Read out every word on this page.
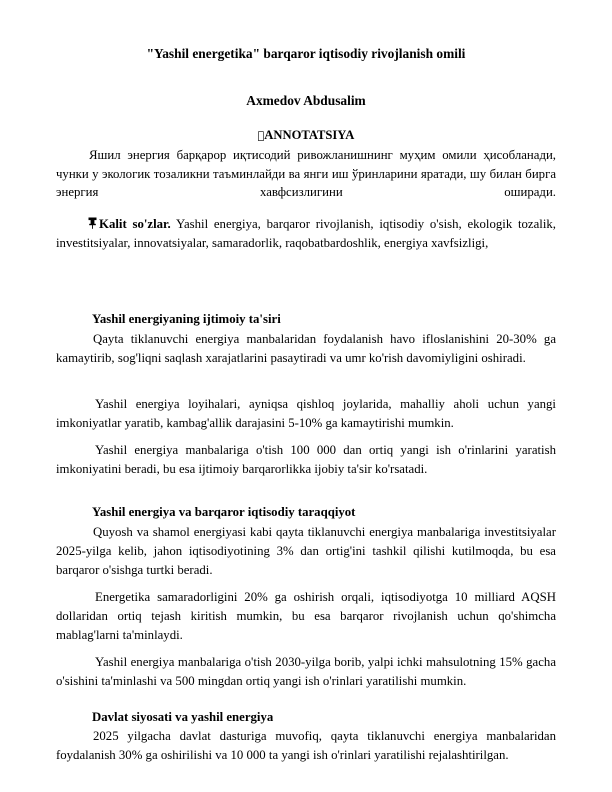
"Yashil energetika" barqaror iqtisodiy rivojlanish omili
Axmedov Abdusalim
ANNOTATSIYA
Яшил энергия барқарор иқтисодий ривожланишнинг муҳим омили ҳисобланади, чунки у экологик тозаликни таъминлайди ва янги иш ўринларини яратади, шу билан бирга энергия хавфсизлигини оширади.
Kalit so'zlar. Yashil energiya, barqaror rivojlanish, iqtisodiy o'sish, ekologik tozalik, investitsiyalar, innovatsiyalar, samaradorlik, raqobatbardoshlik, energiya xavfsizligi,
Yashil energiyaning ijtimoiy ta'siri
Qayta tiklanuvchi energiya manbalaridan foydalanish havo ifloslanishini 20-30% ga kamaytirib, sog'liqni saqlash xarajatlarini pasaytiradi va umr ko'rish davomiyligini oshiradi.
Yashil energiya loyihalari, ayniqsa qishloq joylarida, mahalliy aholi uchun yangi imkoniyatlar yaratib, kambag'allik darajasini 5-10% ga kamaytirishi mumkin.
Yashil energiya manbalariga o'tish 100 000 dan ortiq yangi ish o'rinlarini yaratish imkoniyatini beradi, bu esa ijtimoiy barqarorlikka ijobiy ta'sir ko'rsatadi.
Yashil energiya va barqaror iqtisodiy taraqqiyot
Quyosh va shamol energiyasi kabi qayta tiklanuvchi energiya manbalariga investitsiyalar 2025-yilga kelib, jahon iqtisodiyotining 3% dan ortig'ini tashkil qilishi kutilmoqda, bu esa barqaror o'sishga turtki beradi.
Energetika samaradorligini 20% ga oshirish orqali, iqtisodiyotga 10 milliard AQSH dollaridan ortiq tejash kiritish mumkin, bu esa barqaror rivojlanish uchun qo'shimcha mablag'larni ta'minlaydi.
Yashil energiya manbalariga o'tish 2030-yilga borib, yalpi ichki mahsulotning 15% gacha o'sishini ta'minlashi va 500 mingdan ortiq yangi ish o'rinlari yaratilishi mumkin.
Davlat siyosati va yashil energiya
2025 yilgacha davlat dasturiga muvofiq, qayta tiklanuvchi energiya manbalaridan foydalanish 30% ga oshirilishi va 10 000 ta yangi ish o'rinlari yaratilishi rejalashtirilgan.
